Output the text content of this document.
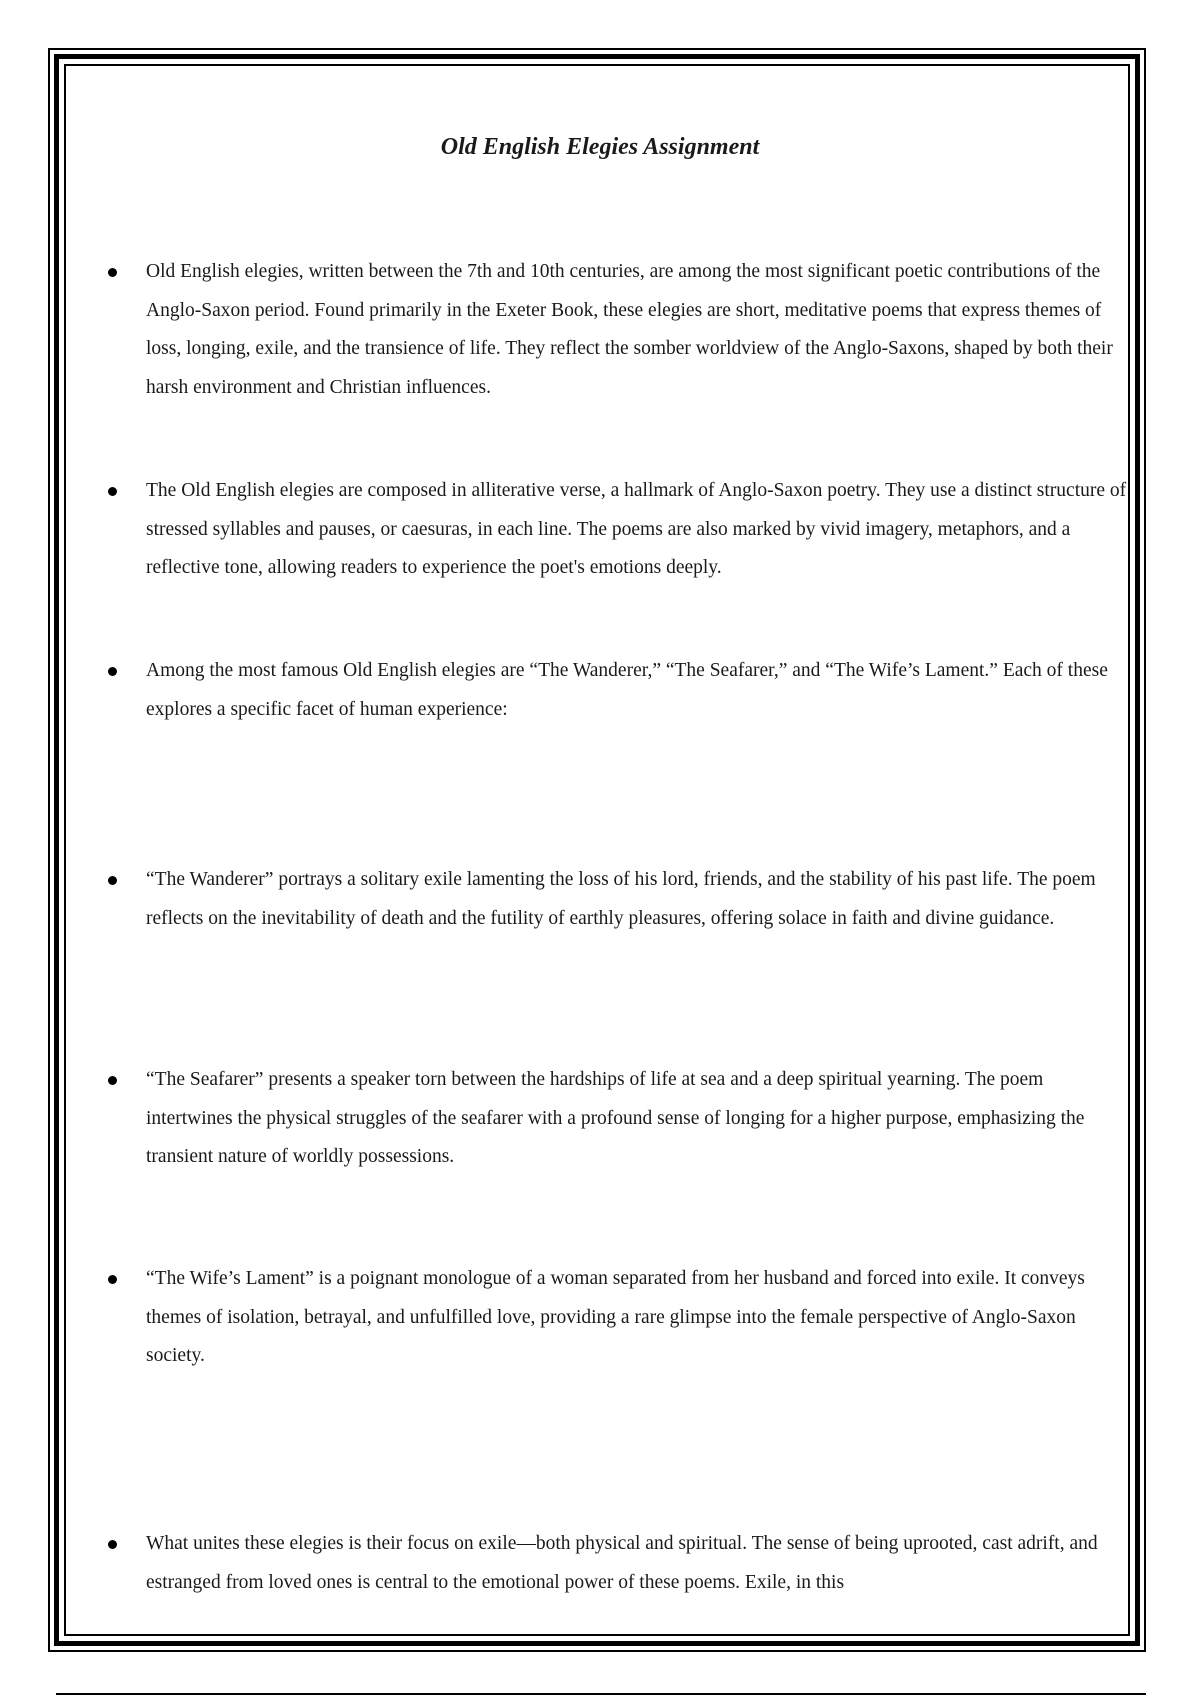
Old English Elegies Assignment
Old English elegies, written between the 7th and 10th centuries, are among the most significant poetic contributions of the Anglo-Saxon period. Found primarily in the Exeter Book, these elegies are short, meditative poems that express themes of loss, longing, exile, and the transience of life. They reflect the somber worldview of the Anglo-Saxons, shaped by both their harsh environment and Christian influences.
The Old English elegies are composed in alliterative verse, a hallmark of Anglo-Saxon poetry. They use a distinct structure of stressed syllables and pauses, or caesuras, in each line. The poems are also marked by vivid imagery, metaphors, and a reflective tone, allowing readers to experience the poet's emotions deeply.
Among the most famous Old English elegies are “The Wanderer,” “The Seafarer,” and “The Wife’s Lament.” Each of these explores a specific facet of human experience:
“The Wanderer” portrays a solitary exile lamenting the loss of his lord, friends, and the stability of his past life. The poem reflects on the inevitability of death and the futility of earthly pleasures, offering solace in faith and divine guidance.
“The Seafarer” presents a speaker torn between the hardships of life at sea and a deep spiritual yearning. The poem intertwines the physical struggles of the seafarer with a profound sense of longing for a higher purpose, emphasizing the transient nature of worldly possessions.
“The Wife’s Lament” is a poignant monologue of a woman separated from her husband and forced into exile. It conveys themes of isolation, betrayal, and unfulfilled love, providing a rare glimpse into the female perspective of Anglo-Saxon society.
What unites these elegies is their focus on exile—both physical and spiritual. The sense of being uprooted, cast adrift, and estranged from loved ones is central to the emotional power of these poems. Exile, in this
